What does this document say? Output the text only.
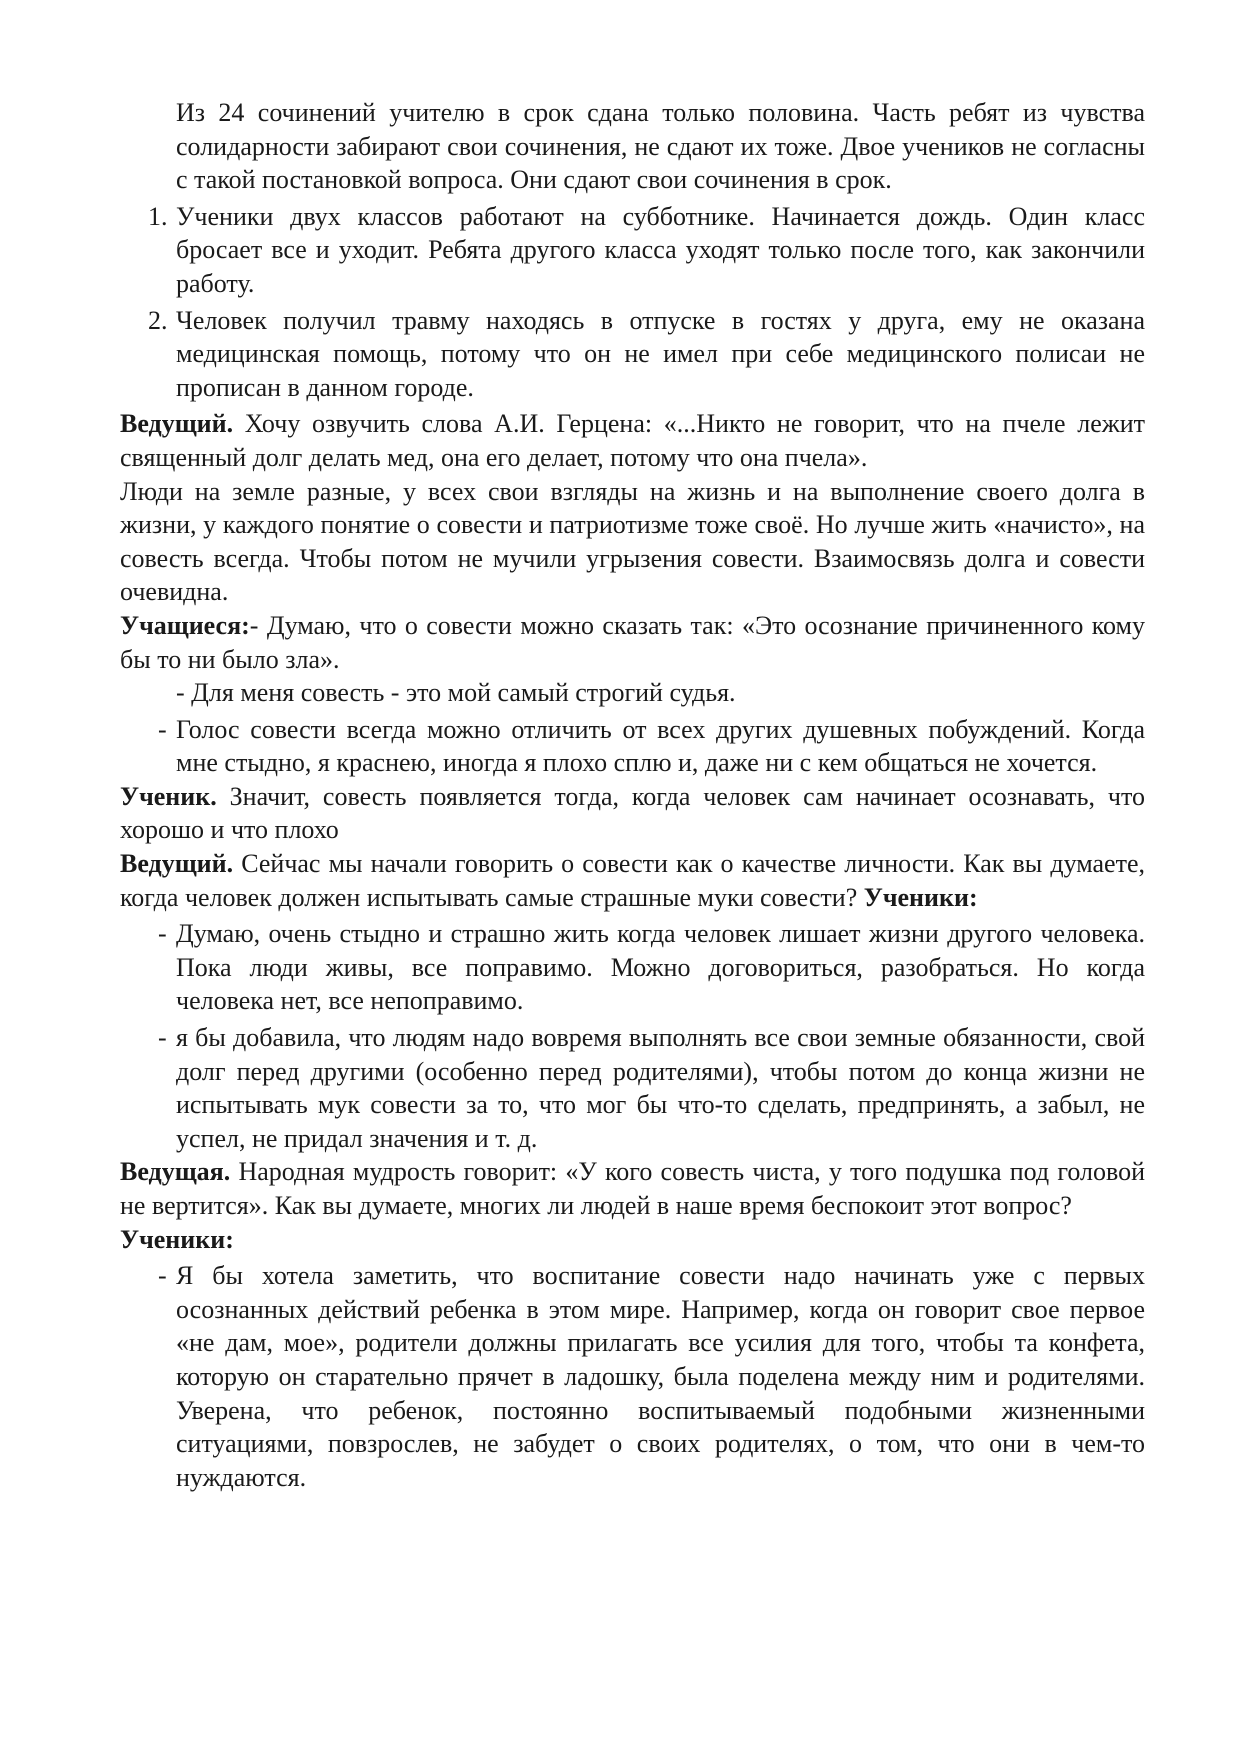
Из 24 сочинений учителю в срок сдана только половина. Часть ребят из чувства солидарности забирают свои сочинения, не сдают их тоже. Двое учеников не согласны с такой постановкой вопроса. Они сдают свои сочинения в срок.

1. Ученики двух классов работают на субботнике. Начинается дождь. Один класс бросает все и уходит. Ребята другого класса уходят только после того, как закончили работу.
2. Человек получил травму находясь в отпуске в гостях у друга, ему не оказана медицинская помощь, потому что он не имел при себе медицинского полисаи не прописан в данном городе.

Ведущий. Хочу озвучить слова А.И. Герцена: «...Никто не говорит, что на пчеле лежит священный долг делать мед, она его делает, потому что она пчела».

Люди на земле разные, у всех свои взгляды на жизнь и на выполнение своего долга в жизни, у каждого понятие о совести и патриотизме тоже своё. Но лучше жить «начисто», на совесть всегда. Чтобы потом не мучили угрызения совести. Взаимосвязь долга и совести очевидна.

Учащиеся:- Думаю, что о совести можно сказать так: «Это осознание причиненного кому бы то ни было зла».

- Для меня совесть - это мой самый строгий судья.

- Голос совести всегда можно отличить от всех других душевных побуждений. Когда мне стыдно, я краснею, иногда я плохо сплю и, даже ни с кем общаться не хочется.

Ученик. Значит, совесть появляется тогда, когда человек сам начинает осознавать, что хорошо и что плохо

Ведущий. Сейчас мы начали говорить о совести как о качестве личности. Как вы думаете, когда человек должен испытывать самые страшные муки совести? Ученики:

- Думаю, очень стыдно и страшно жить когда человек лишает жизни другого человека. Пока люди живы, все поправимо. Можно договориться, разобраться. Но когда человека нет, все непоправимо.
- я бы добавила, что людям надо вовремя выполнять все свои земные обязанности, свой долг перед другими (особенно перед родителями), чтобы потом до конца жизни не испытывать мук совести за то, что мог бы что-то сделать, предпринять, а забыл, не успел, не придал значения и т. д.

Ведущая. Народная мудрость говорит: «У кого совесть чиста, у того подушка под головой не вертится». Как вы думаете, многих ли людей в наше время беспокоит этот вопрос?

Ученики:

- Я бы хотела заметить, что воспитание совести надо начинать уже с первых осознанных действий ребенка в этом мире. Например, когда он говорит свое первое «не дам, мое», родители должны прилагать все усилия для того, чтобы та конфета, которую он старательно прячет в ладошку, была поделена между ним и родителями. Уверена, что ребенок, постоянно воспитываемый подобными жизненными ситуациями, повзрослев, не забудет о своих родителях, о том, что они в чем-то нуждаются.
